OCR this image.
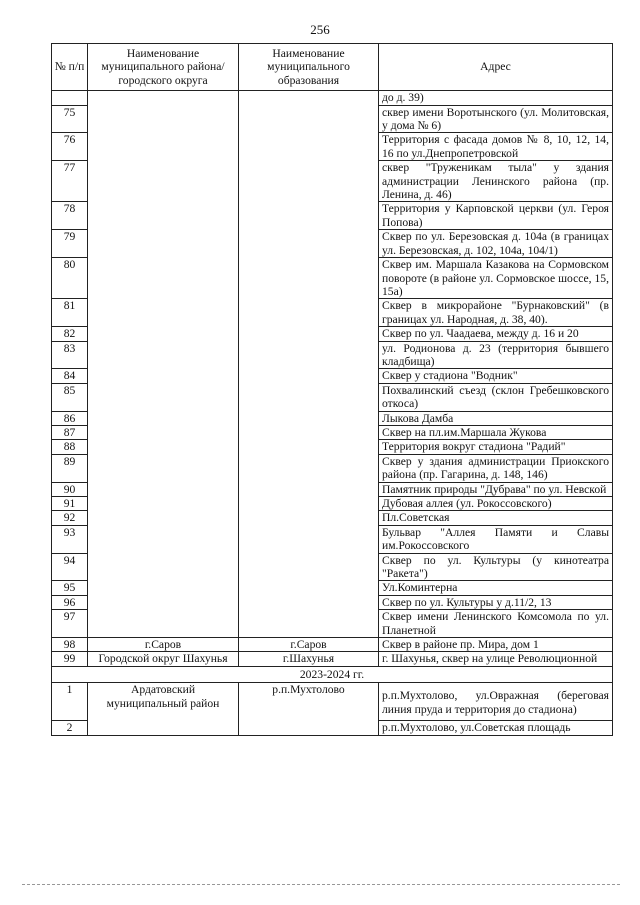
256
№ п/п	Наименование муниципального района/ городского округа	Наименование муниципального образования	Адрес
			до д. 39)
75			сквер имени Воротынского (ул. Молитовская, у дома № 6)
76			Территория с фасада домов № 8, 10, 12, 14, 16 по ул.Днепропетровской
77			сквер "Труженикам тыла" у здания администрации Ленинского района (пр. Ленина, д. 46)
78			Территория у Карповской церкви (ул. Героя Попова)
79			Сквер по ул. Березовская д. 104а (в границах ул. Березовская, д. 102, 104а, 104/1)
80			Сквер им. Маршала Казакова на Сормовском повороте (в районе ул. Сормовское шоссе, 15, 15а)
81			Сквер в микрорайоне "Бурнаковский" (в границах ул. Народная, д. 38, 40).
82			Сквер по ул. Чаадаева, между д. 16 и 20
83			ул. Родионова д. 23 (территория бывшего кладбища)
84			Сквер у стадиона "Водник"
85			Похвалинский съезд (склон Гребешковского откоса)
86			Лыкова Дамба
87			Сквер на пл.им.Маршала Жукова
88			Территория вокруг стадиона "Радий"
89			Сквер у здания администрации Приокского района (пр. Гагарина, д. 148, 146)
90			Памятник природы "Дубрава" по ул. Невской
91			Дубовая аллея (ул. Рокоссовского)
92			Пл.Советская
93			Бульвар "Аллея Памяти и Славы им.Рокоссовского
94			Сквер по ул. Культуры (у кинотеатра "Ракета")
95			Ул.Коминтерна
96			Сквер по ул. Культуры у д.11/2, 13
97			Сквер имени Ленинского Комсомола по ул. Планетной
98	г.Саров	г.Саров	Сквер в районе пр. Мира, дом 1
99	Городской округ Шахунья	г.Шахунья	г. Шахунья, сквер на улице Революционной
2023-2024 гг.			
1	Ардатовский муниципальный район	р.п.Мухтолово	р.п.Мухтолово, ул.Овражная (береговая линия пруда и территория до стадиона)
2			р.п.Мухтолово, ул.Советская площадь
